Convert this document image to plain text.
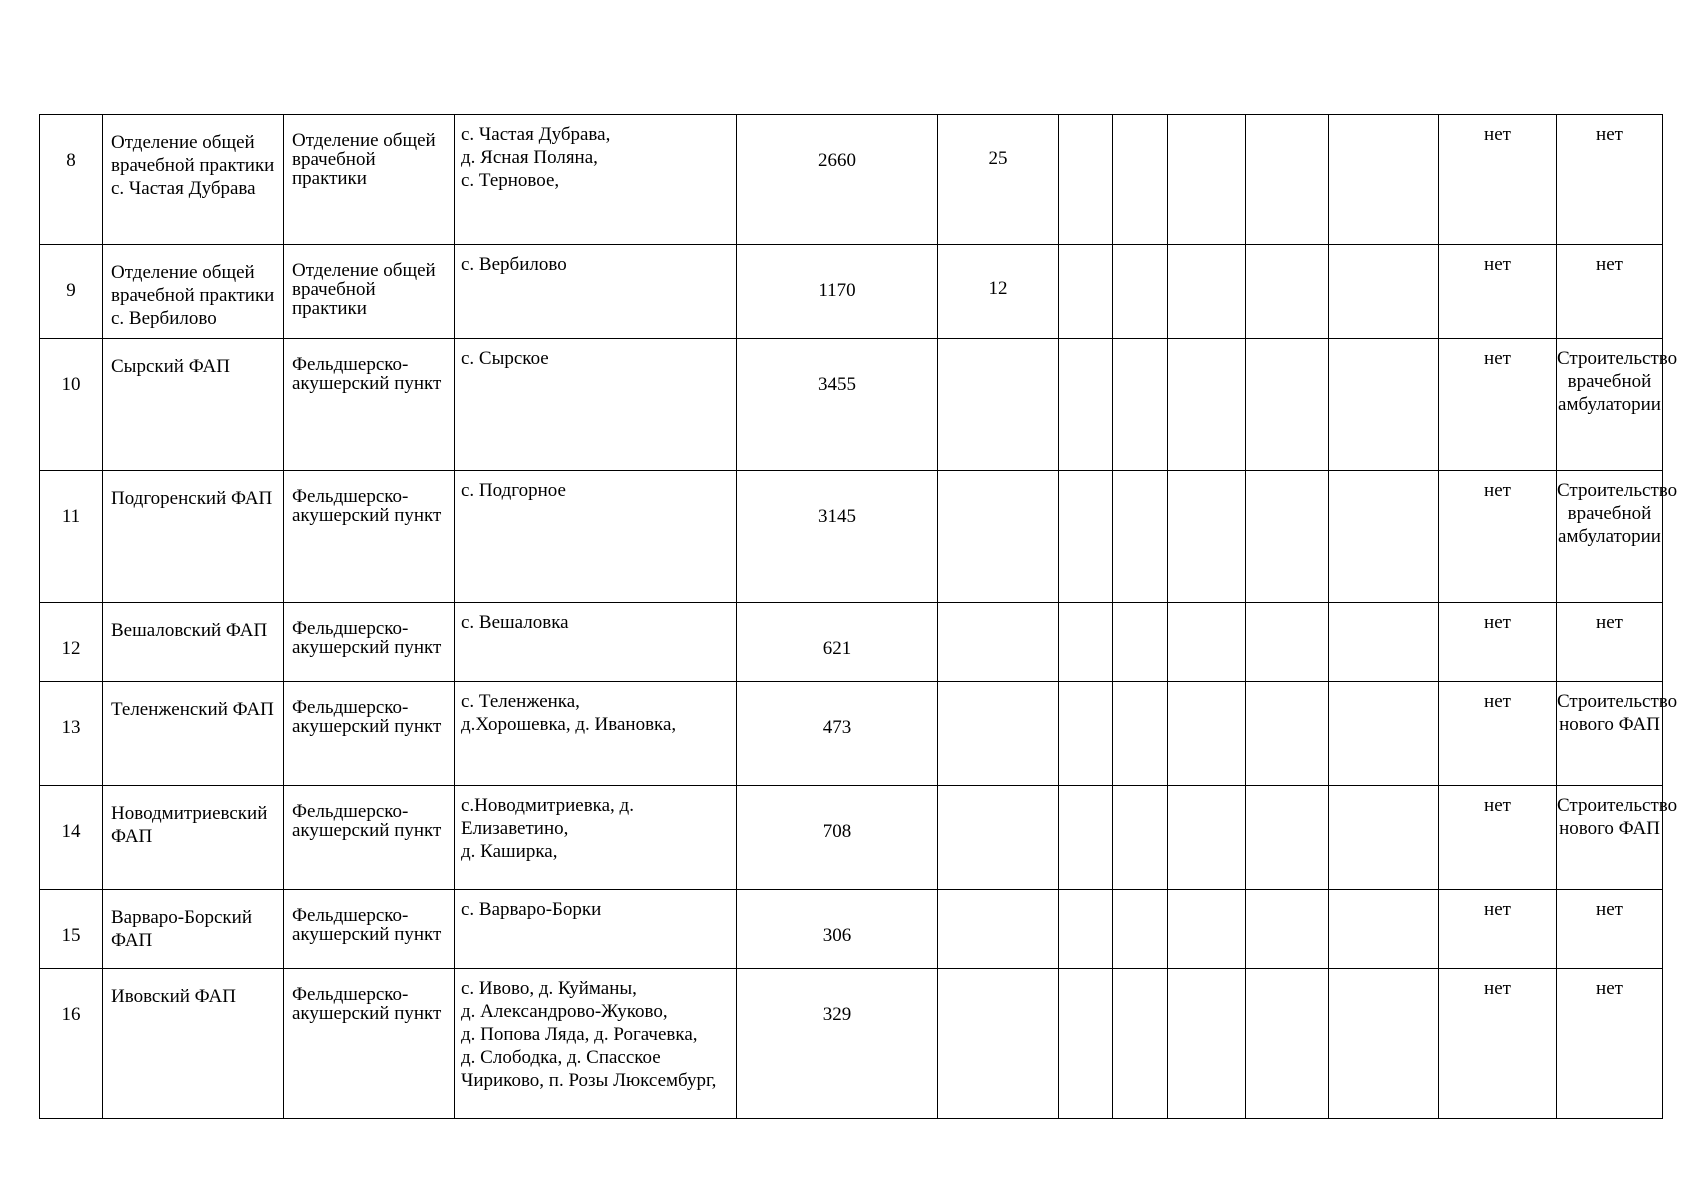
8	Отделение общей врачебной практики с. Частая Дубрава	Отделение общей врачебной практики	с. Частая Дубрава,
д. Ясная Поляна,
с. Терновое,	2660	25						нет	нет
9	Отделение общей врачебной практики с. Вербилово	Отделение общей врачебной практики	с. Вербилово	1170	12						нет	нет
10	Сырский ФАП	Фельдшерско-акушерский пункт	с. Сырское	3455							нет	Строительство врачебной амбулатории
11	Подгоренский ФАП	Фельдшерско-акушерский пункт	с. Подгорное	3145							нет	Строительство врачебной амбулатории
12	Вешаловский ФАП	Фельдшерско-акушерский пункт	с. Вешаловка	621							нет	нет
13	Теленженский ФАП	Фельдшерско-акушерский пункт	с. Теленженка,
д.Хорошевка, д. Ивановка,	473							нет	Строительство нового ФАП
14	Новодмитриевский ФАП	Фельдшерско-акушерский пункт	с.Новодмитриевка, д.
Елизаветино,
д. Каширка,	708							нет	Строительство нового ФАП
15	Варваро-Борский ФАП	Фельдшерско-акушерский пункт	с. Варваро-Борки	306							нет	нет
16	Ивовский ФАП	Фельдшерско-акушерский пункт	с. Ивово, д. Куйманы,
д. Александрово-Жуково,
д. Попова Ляда, д. Рогачевка,
д. Слободка, д. Спасское
Чириково, п. Розы Люксембург,	329							нет	нет
